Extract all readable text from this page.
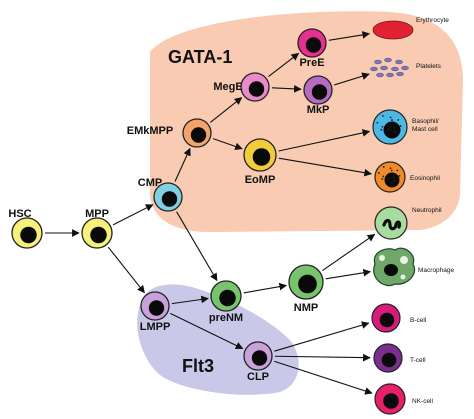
GATA-1
Flt3
HSC	MPP
CMP
EMkMPP
MegE
PreE
MkP
EoMP
LMPP
preNM
NMP
CLP
Erythrocyte
Platelets
Basophil/ Mast cell
Eosinophil
Neutrophil
Macrophage
B-cell
T-cell
NK-cell
